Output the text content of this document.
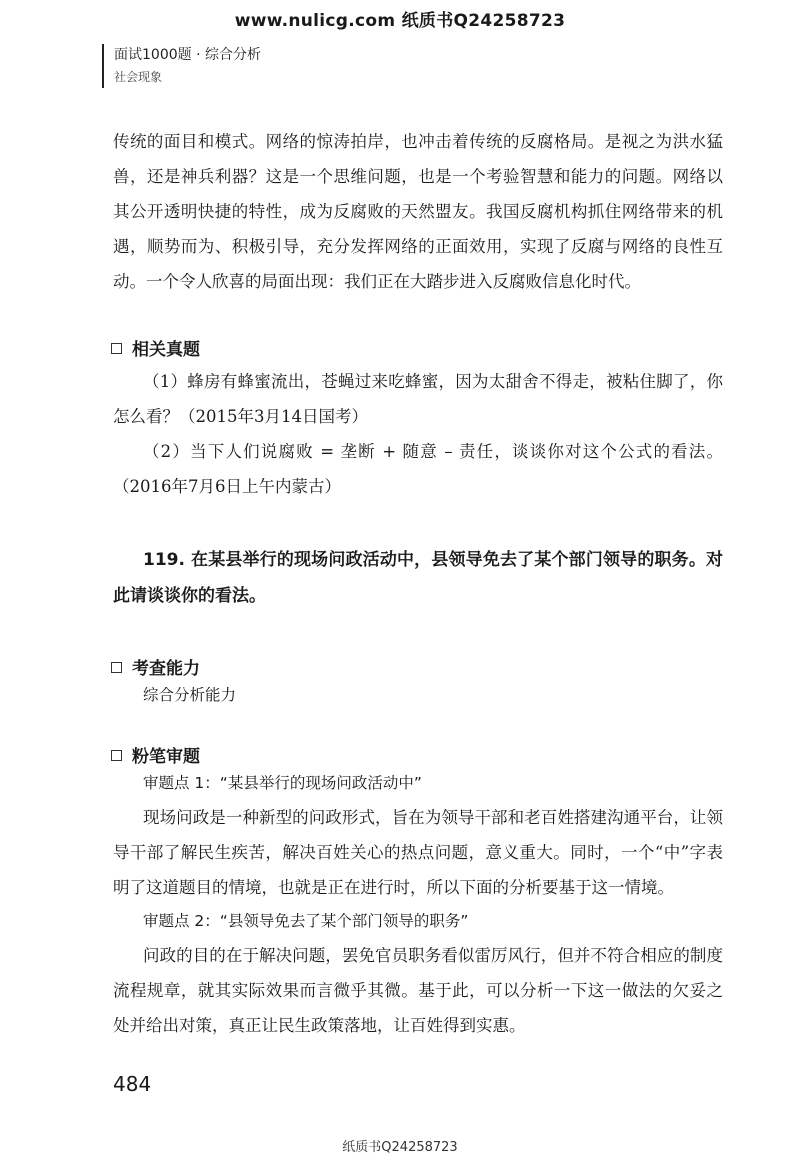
www.nulicg.com 纸质书Q24258723
面试1000题 · 综合分析
社会现象

传统的面目和模式。网络的惊涛拍岸，也冲击着传统的反腐格局。是视之为洪水猛兽，还是神兵利器？这是一个思维问题，也是一个考验智慧和能力的问题。网络以其公开透明快捷的特性，成为反腐败的天然盟友。我国反腐机构抓住网络带来的机遇，顺势而为、积极引导，充分发挥网络的正面效用，实现了反腐与网络的良性互动。一个令人欣喜的局面出现：我们正在大踏步进入反腐败信息化时代。

相关真题

（1）蜂房有蜂蜜流出，苍蝇过来吃蜂蜜，因为太甜舍不得走，被粘住脚了，你怎么看？（2015年3月14日国考）

（2）当下人们说腐败 = 垄断 + 随意 – 责任，谈谈你对这个公式的看法。（2016年7月6日上午内蒙古）

119. 在某县举行的现场问政活动中，县领导免去了某个部门领导的职务。对此请谈谈你的看法。

考查能力

综合分析能力

粉笔审题

审题点 1：“某县举行的现场问政活动中”

现场问政是一种新型的问政形式，旨在为领导干部和老百姓搭建沟通平台，让领导干部了解民生疾苦，解决百姓关心的热点问题，意义重大。同时，一个“中”字表明了这道题目的情境，也就是正在进行时，所以下面的分析要基于这一情境。

审题点 2：“县领导免去了某个部门领导的职务”

问政的目的在于解决问题，罢免官员职务看似雷厉风行，但并不符合相应的制度流程规章，就其实际效果而言微乎其微。基于此，可以分析一下这一做法的欠妥之处并给出对策，真正让民生政策落地，让百姓得到实惠。

484
纸质书Q24258723
